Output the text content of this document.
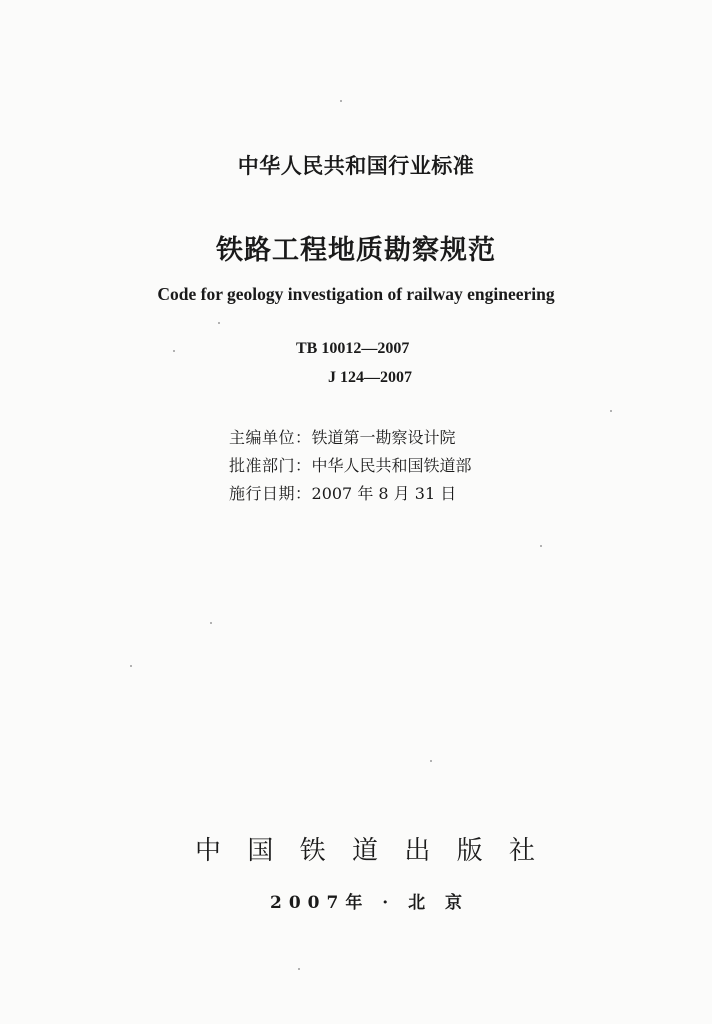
中华人民共和国行业标准
铁路工程地质勘察规范
Code for geology investigation of railway engineering
TB 10012—2007
J 124—2007
主编单位：铁道第一勘察设计院
批准部门：中华人民共和国铁道部
施行日期：2007 年 8 月 31 日
中 国 铁 道 出 版 社
2007年 · 北 京
